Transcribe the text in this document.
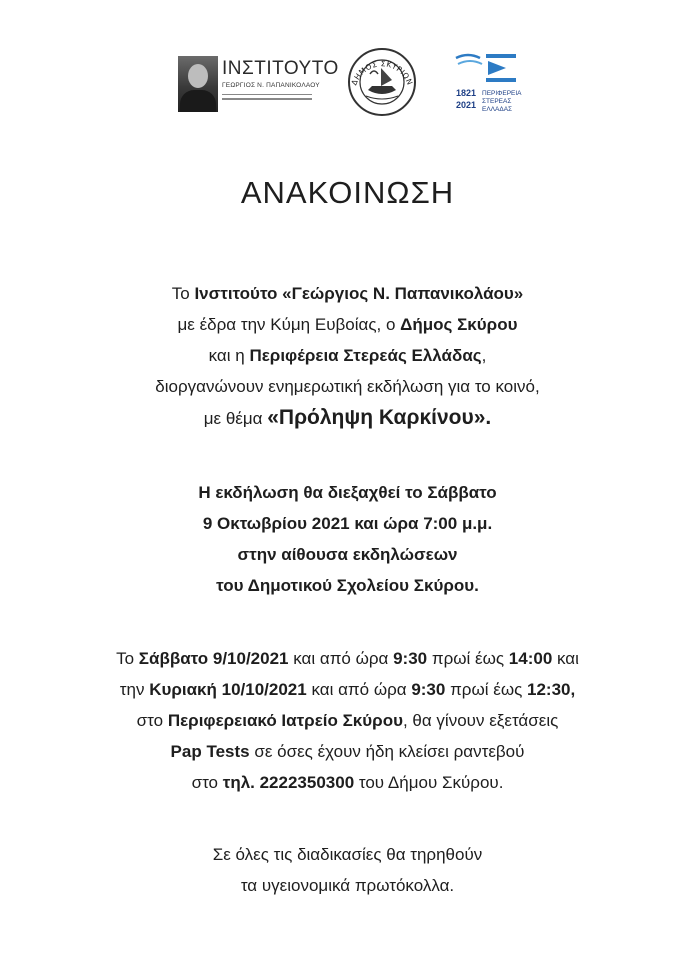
ΙΝΣΤΙΤΟΥΤΟ
ΓΕΩΡΓΙΟΣ Ν. ΠΑΠΑΝΙΚΟΛΑΟΥ	ΔΗΜΟΣ ΣΚΥΡΙΩΝ
1821
2021
ΠΕΡΙΦΕΡΕΙΑ
ΣΤΕΡΕΑΣ
ΕΛΛΑΔΑΣ
ΑΝΑΚΟΙΝΩΣΗ

Το Ινστιτούτο «Γεώργιος Ν. Παπανικολάου»

με έδρα την Κύμη Ευβοίας, ο Δήμος Σκύρου

και η Περιφέρεια Στερεάς Ελλάδας,

διοργανώνουν ενημερωτική εκδήλωση για το κοινό,

με θέμα «Πρόληψη Καρκίνου».

Η εκδήλωση θα διεξαχθεί το Σάββατο

9 Οκτωβρίου 2021 και ώρα 7:00 μ.μ.

στην αίθουσα εκδηλώσεων

του Δημοτικού Σχολείου Σκύρου.

Το Σάββατο 9/10/2021 και από ώρα 9:30 πρωί έως 14:00 και

την Κυριακή 10/10/2021 και από ώρα 9:30 πρωί έως 12:30,

στο Περιφερειακό Ιατρείο Σκύρου, θα γίνουν εξετάσεις

Pap Tests σε όσες έχουν ήδη κλείσει ραντεβού

στο τηλ. 2222350300 του Δήμου Σκύρου.

Σε όλες τις διαδικασίες θα τηρηθούν

τα υγειονομικά πρωτόκολλα.
